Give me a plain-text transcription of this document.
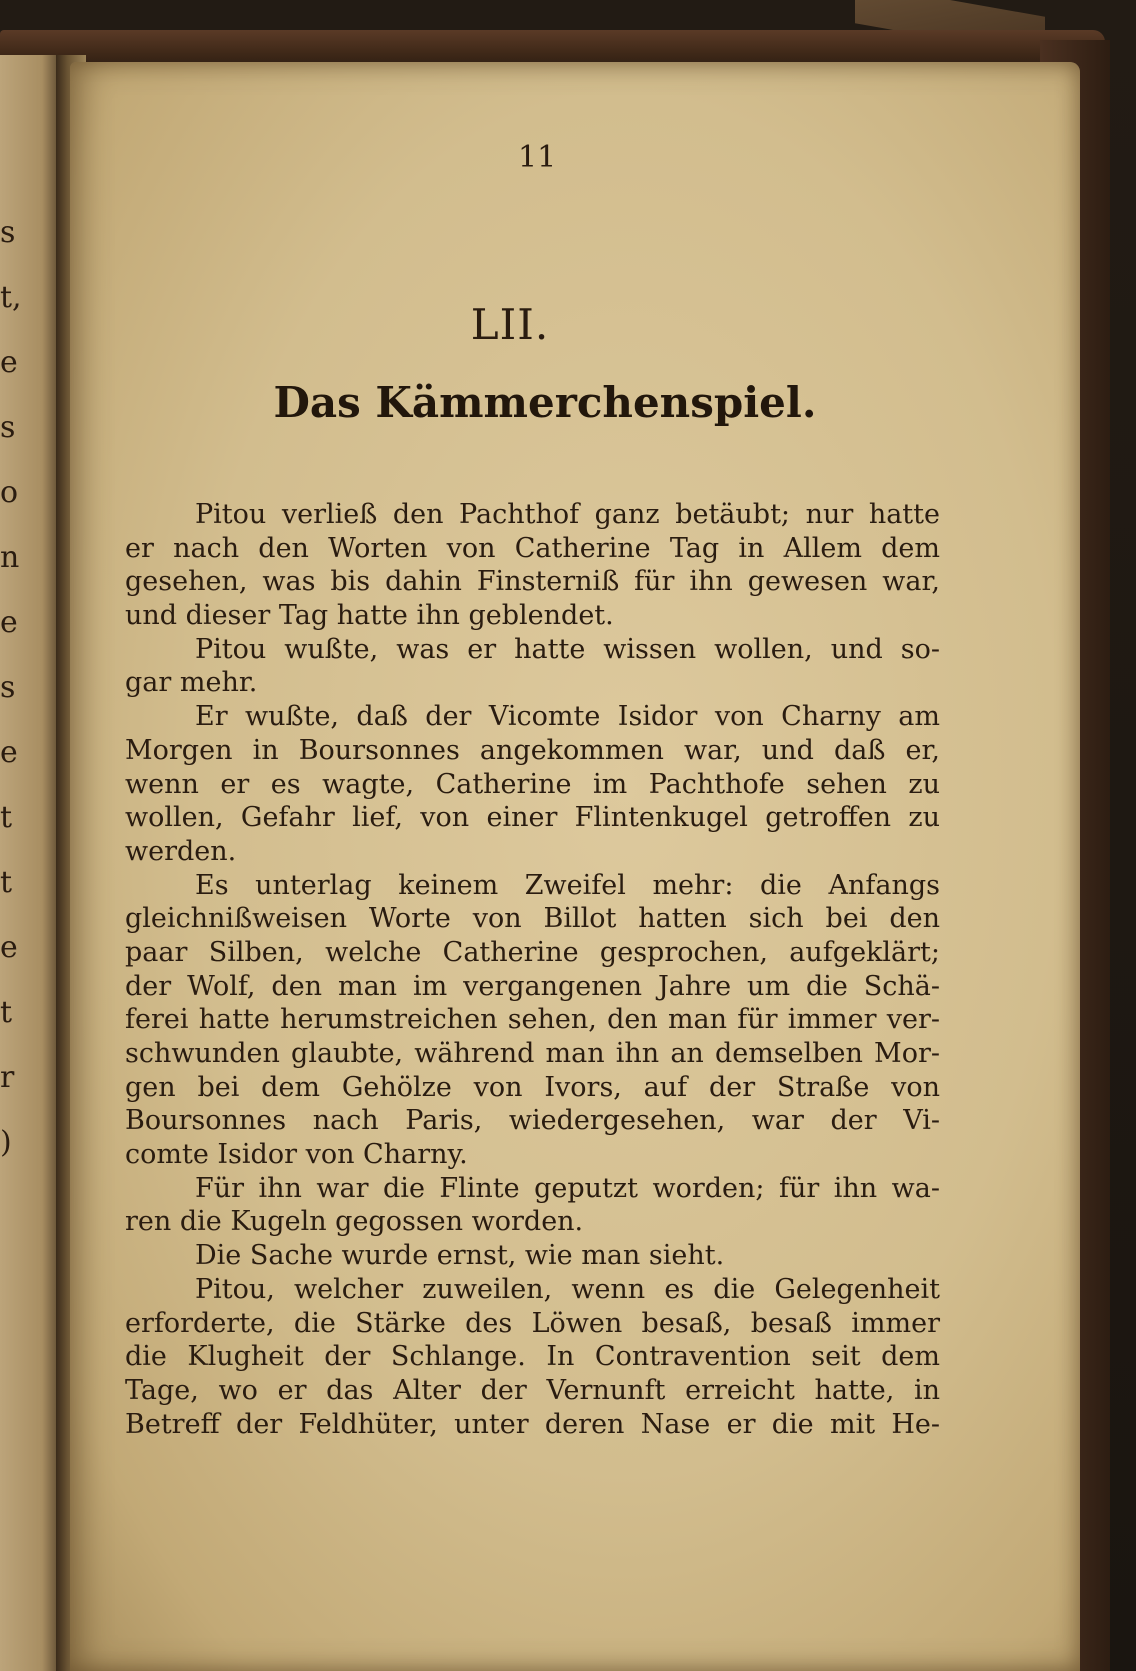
s
t,
e
s
o
n
e
s
e
t
t
e
t
r
)
11
LII.
Das Kämmerchenspiel.
Pitou verließ den Pachthof ganz betäubt; nur hatte
er nach den Worten von Catherine Tag in Allem dem
gesehen, was bis dahin Finsterniß für ihn gewesen war,
und dieser Tag hatte ihn geblendet.
Pitou wußte, was er hatte wissen wollen, und so-
gar mehr.
Er wußte, daß der Vicomte Isidor von Charny am
Morgen in Boursonnes angekommen war, und daß er,
wenn er es wagte, Catherine im Pachthofe sehen zu
wollen, Gefahr lief, von einer Flintenkugel getroffen zu
werden.
Es unterlag keinem Zweifel mehr: die Anfangs
gleichnißweisen Worte von Billot hatten sich bei den
paar Silben, welche Catherine gesprochen, aufgeklärt;
der Wolf, den man im vergangenen Jahre um die Schä-
ferei hatte herumstreichen sehen, den man für immer ver-
schwunden glaubte, während man ihn an demselben Mor-
gen bei dem Gehölze von Ivors, auf der Straße von
Boursonnes nach Paris, wiedergesehen, war der Vi-
comte Isidor von Charny.
Für ihn war die Flinte geputzt worden; für ihn wa-
ren die Kugeln gegossen worden.
Die Sache wurde ernst, wie man sieht.
Pitou, welcher zuweilen, wenn es die Gelegenheit
erforderte, die Stärke des Löwen besaß, besaß immer
die Klugheit der Schlange. In Contravention seit dem
Tage, wo er das Alter der Vernunft erreicht hatte, in
Betreff der Feldhüter, unter deren Nase er die mit He-
